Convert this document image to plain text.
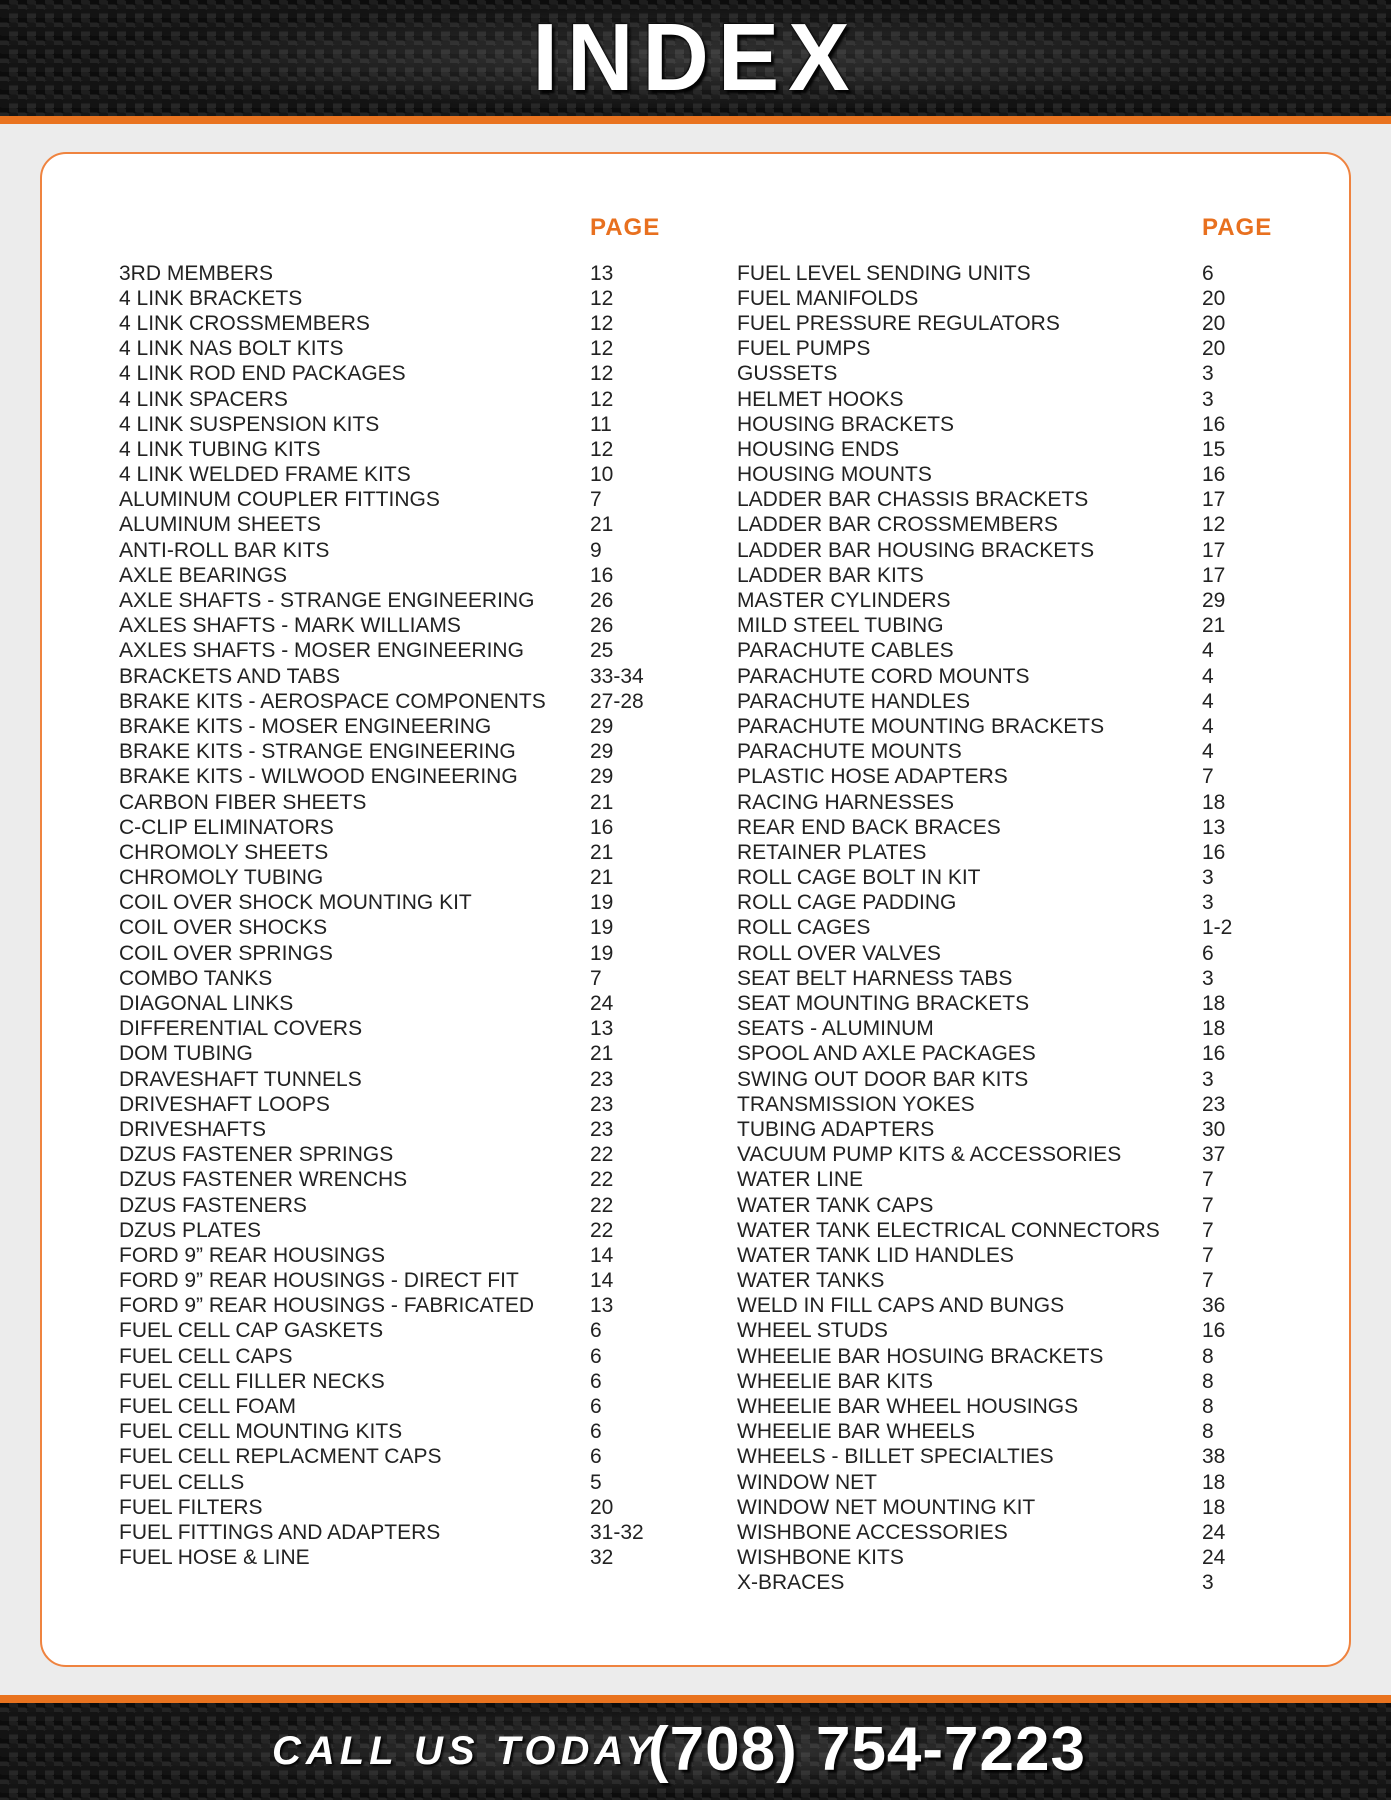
INDEX
PAGE	PAGE
3RD MEMBERS	13
4 LINK BRACKETS	12
4 LINK CROSSMEMBERS	12
4 LINK NAS BOLT KITS	12
4 LINK ROD END PACKAGES	12
4 LINK SPACERS	12
4 LINK SUSPENSION KITS	11
4 LINK TUBING KITS	12
4 LINK WELDED FRAME KITS	10
ALUMINUM COUPLER FITTINGS	7
ALUMINUM SHEETS	21
ANTI-ROLL BAR KITS	9
AXLE BEARINGS	16
AXLE SHAFTS - STRANGE ENGINEERING	26
AXLES SHAFTS - MARK WILLIAMS	26
AXLES SHAFTS - MOSER ENGINEERING	25
BRACKETS AND TABS	33-34
BRAKE KITS - AEROSPACE COMPONENTS	27-28
BRAKE KITS - MOSER ENGINEERING	29
BRAKE KITS - STRANGE ENGINEERING	29
BRAKE KITS - WILWOOD ENGINEERING	29
CARBON FIBER SHEETS	21
C-CLIP ELIMINATORS	16
CHROMOLY SHEETS	21
CHROMOLY TUBING	21
COIL OVER SHOCK MOUNTING KIT	19
COIL OVER SHOCKS	19
COIL OVER SPRINGS	19
COMBO TANKS	7
DIAGONAL LINKS	24
DIFFERENTIAL COVERS	13
DOM TUBING	21
DRAVESHAFT TUNNELS	23
DRIVESHAFT LOOPS	23
DRIVESHAFTS	23
DZUS FASTENER SPRINGS	22
DZUS FASTENER WRENCHS	22
DZUS FASTENERS	22
DZUS PLATES	22
FORD 9” REAR HOUSINGS	14
FORD 9” REAR HOUSINGS - DIRECT FIT	14
FORD 9” REAR HOUSINGS - FABRICATED	13
FUEL CELL CAP GASKETS	6
FUEL CELL CAPS	6
FUEL CELL FILLER NECKS	6
FUEL CELL FOAM	6
FUEL CELL MOUNTING KITS	6
FUEL CELL REPLACMENT CAPS	6
FUEL CELLS	5
FUEL FILTERS	20
FUEL FITTINGS AND ADAPTERS	31-32
FUEL HOSE & LINE	32
FUEL LEVEL SENDING UNITS	6
FUEL MANIFOLDS	20
FUEL PRESSURE REGULATORS	20
FUEL PUMPS	20
GUSSETS	3
HELMET HOOKS	3
HOUSING BRACKETS	16
HOUSING ENDS	15
HOUSING MOUNTS	16
LADDER BAR CHASSIS BRACKETS	17
LADDER BAR CROSSMEMBERS	12
LADDER BAR HOUSING BRACKETS	17
LADDER BAR KITS	17
MASTER CYLINDERS	29
MILD STEEL TUBING	21
PARACHUTE CABLES	4
PARACHUTE CORD MOUNTS	4
PARACHUTE HANDLES	4
PARACHUTE MOUNTING BRACKETS	4
PARACHUTE MOUNTS	4
PLASTIC HOSE ADAPTERS	7
RACING HARNESSES	18
REAR END BACK BRACES	13
RETAINER PLATES	16
ROLL CAGE BOLT IN KIT	3
ROLL CAGE PADDING	3
ROLL CAGES	1-2
ROLL OVER VALVES	6
SEAT BELT HARNESS TABS	3
SEAT MOUNTING BRACKETS	18
SEATS - ALUMINUM	18
SPOOL AND AXLE PACKAGES	16
SWING OUT DOOR BAR KITS	3
TRANSMISSION YOKES	23
TUBING ADAPTERS	30
VACUUM PUMP KITS & ACCESSORIES	37
WATER LINE	7
WATER TANK CAPS	7
WATER TANK ELECTRICAL CONNECTORS	7
WATER TANK LID HANDLES	7
WATER TANKS	7
WELD IN FILL CAPS AND BUNGS	36
WHEEL STUDS	16
WHEELIE BAR HOSUING BRACKETS	8
WHEELIE BAR KITS	8
WHEELIE BAR WHEEL HOUSINGS	8
WHEELIE BAR WHEELS	8
WHEELS - BILLET SPECIALTIES	38
WINDOW NET	18
WINDOW NET MOUNTING KIT	18
WISHBONE ACCESSORIES	24
WISHBONE KITS	24
X-BRACES	3
CALL US TODAY
(708) 754-7223
